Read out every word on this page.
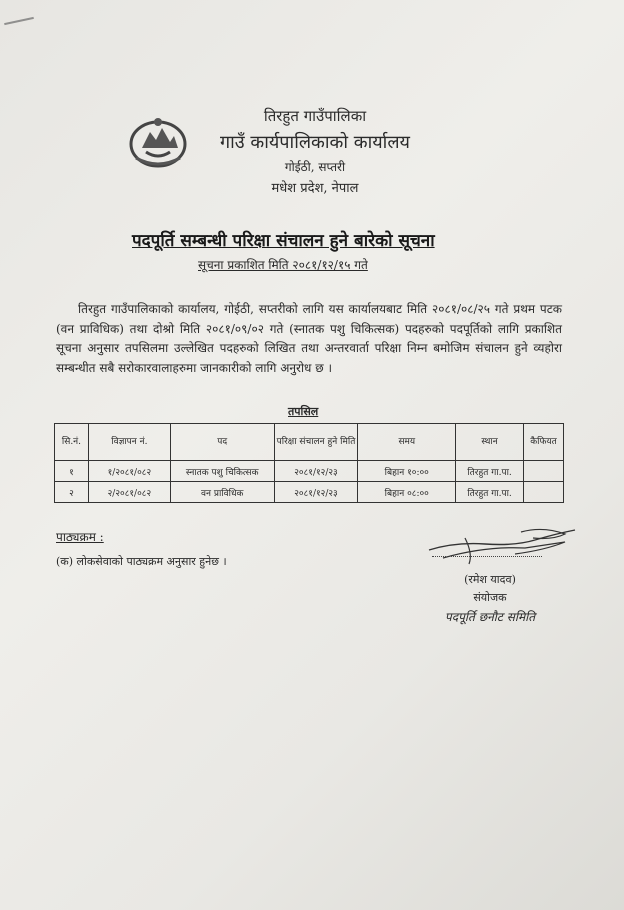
तिरहुत गाउँपालिका
गाउँ कार्यपालिकाको कार्यालय
गोईठी, सप्तरी
मधेश प्रदेश, नेपाल
पदपूर्ति सम्बन्धी परिक्षा संचालन हुने बारेको सूचना
सूचना प्रकाशित मिति २०८१/१२/१५ गते

तिरहुत गाउँपालिकाको कार्यालय, गोईठी, सप्तरीको लागि यस कार्यालयबाट मिति २०८१/०८/२५ गते प्रथम पटक (वन प्राविधिक) तथा दोश्रो मिति २०८१/०९/०२ गते (स्नातक पशु चिकित्सक) पदहरुको पदपूर्तिको लागि प्रकाशित सूचना अनुसार तपसिलमा उल्लेखित पदहरुको लिखित तथा अन्तरवार्ता परिक्षा निम्न बमोजिम संचालन हुने व्यहोरा सम्बन्धीत सबै सरोकारवालाहरुमा जानकारीको लागि अनुरोध छ ।

तपसिल
सि.नं.	विज्ञापन नं.	पद	परिक्षा संचालन हुने मिति	समय	स्थान	कैफियत
१	१/२०८१/०८२	स्नातक पशु चिकित्सक	२०८१/१२/२३	बिहान १०:००	तिरहुत गा.पा.	
२	२/२०८१/०८२	वन प्राविधिक	२०८१/१२/२३	बिहान ०८:००	तिरहुत गा.पा.	
पाठ्यक्रम :
(क) लोकसेवाको पाठ्यक्रम अनुसार हुनेछ ।
(रमेश यादव)
संयोजक
पदपूर्ति छनौट समिति
